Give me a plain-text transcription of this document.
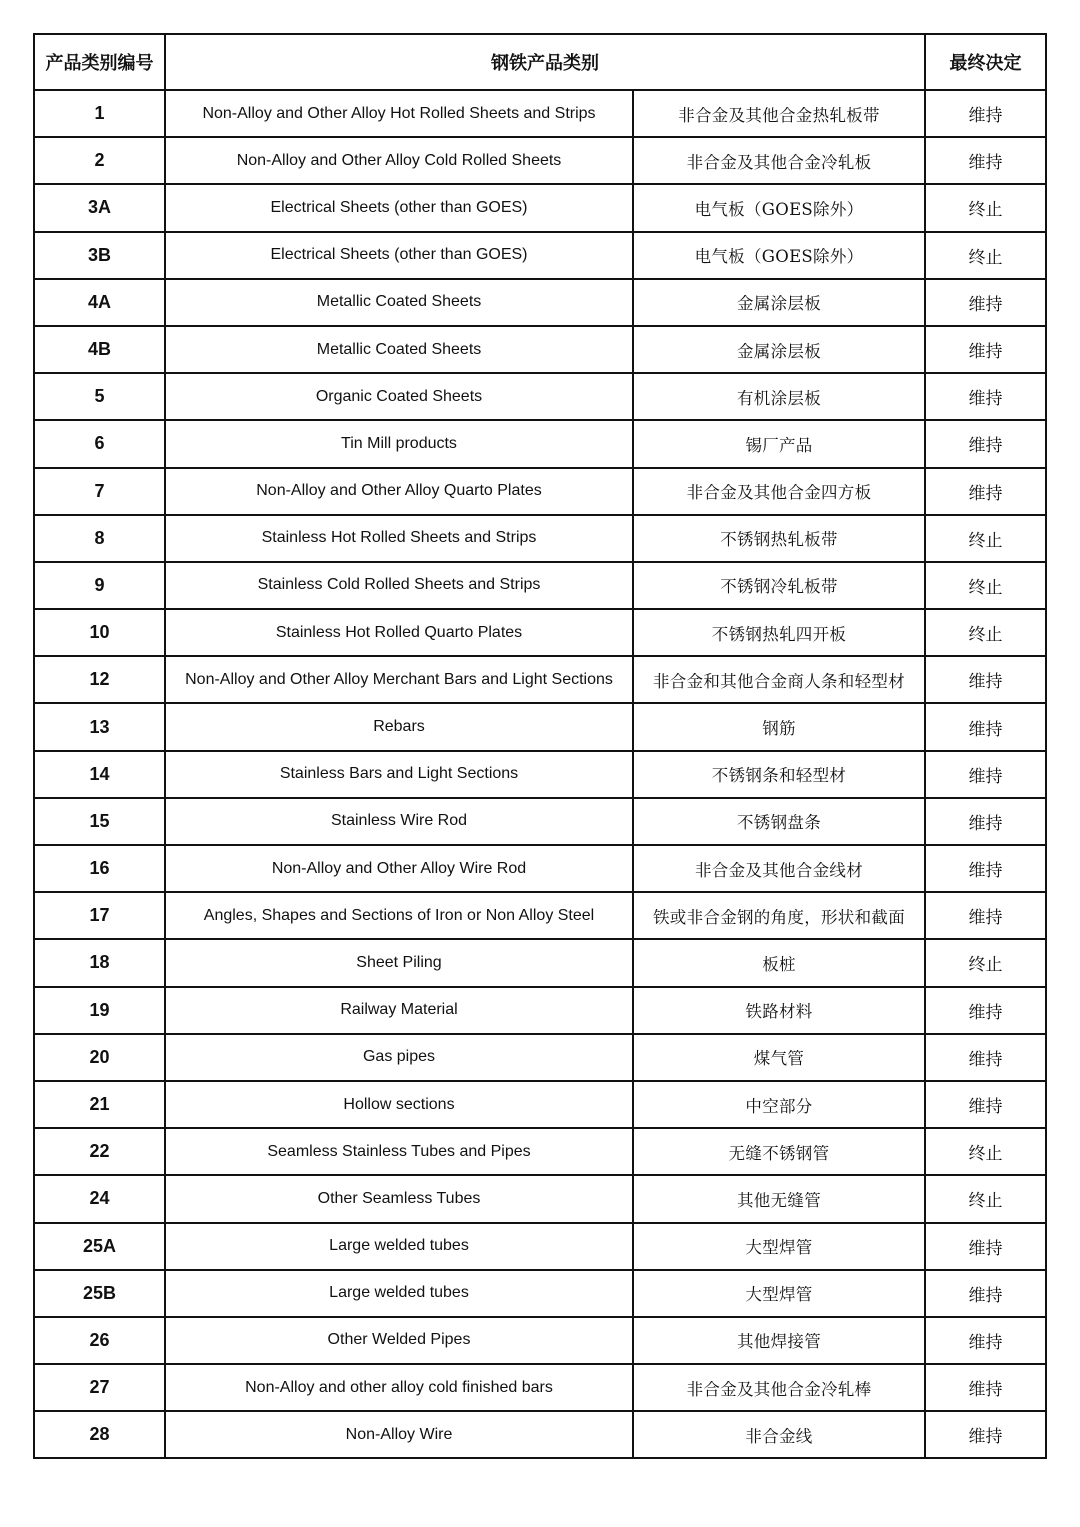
产品类别编号	钢铁产品类别		最终决定
1	Non-Alloy and Other Alloy Hot Rolled Sheets and Strips	非合金及其他合金热轧板带	维持
2	Non-Alloy and Other Alloy Cold Rolled Sheets	非合金及其他合金冷轧板	维持
3A	Electrical Sheets (other than GOES)	电气板（GOES除外）	终止
3B	Electrical Sheets (other than GOES)	电气板（GOES除外）	终止
4A	Metallic Coated Sheets	金属涂层板	维持
4B	Metallic Coated Sheets	金属涂层板	维持
5	Organic Coated Sheets	有机涂层板	维持
6	Tin Mill products	锡厂产品	维持
7	Non-Alloy and Other Alloy Quarto Plates	非合金及其他合金四方板	维持
8	Stainless Hot Rolled Sheets and Strips	不锈钢热轧板带	终止
9	Stainless Cold Rolled Sheets and Strips	不锈钢冷轧板带	终止
10	Stainless Hot Rolled Quarto Plates	不锈钢热轧四开板	终止
12	Non-Alloy and Other Alloy Merchant Bars and Light Sections	非合金和其他合金商人条和轻型材	维持
13	Rebars	钢筋	维持
14	Stainless Bars and Light Sections	不锈钢条和轻型材	维持
15	Stainless Wire Rod	不锈钢盘条	维持
16	Non-Alloy and Other Alloy Wire Rod	非合金及其他合金线材	维持
17	Angles, Shapes and Sections of Iron or Non Alloy Steel	铁或非合金钢的角度，形状和截面	维持
18	Sheet Piling	板桩	终止
19	Railway Material	铁路材料	维持
20	Gas pipes	煤气管	维持
21	Hollow sections	中空部分	维持
22	Seamless Stainless Tubes and Pipes	无缝不锈钢管	终止
24	Other Seamless Tubes	其他无缝管	终止
25A	Large welded tubes	大型焊管	维持
25B	Large welded tubes	大型焊管	维持
26	Other Welded Pipes	其他焊接管	维持
27	Non-Alloy and other alloy cold finished bars	非合金及其他合金冷轧棒	维持
28	Non-Alloy Wire	非合金线	维持
